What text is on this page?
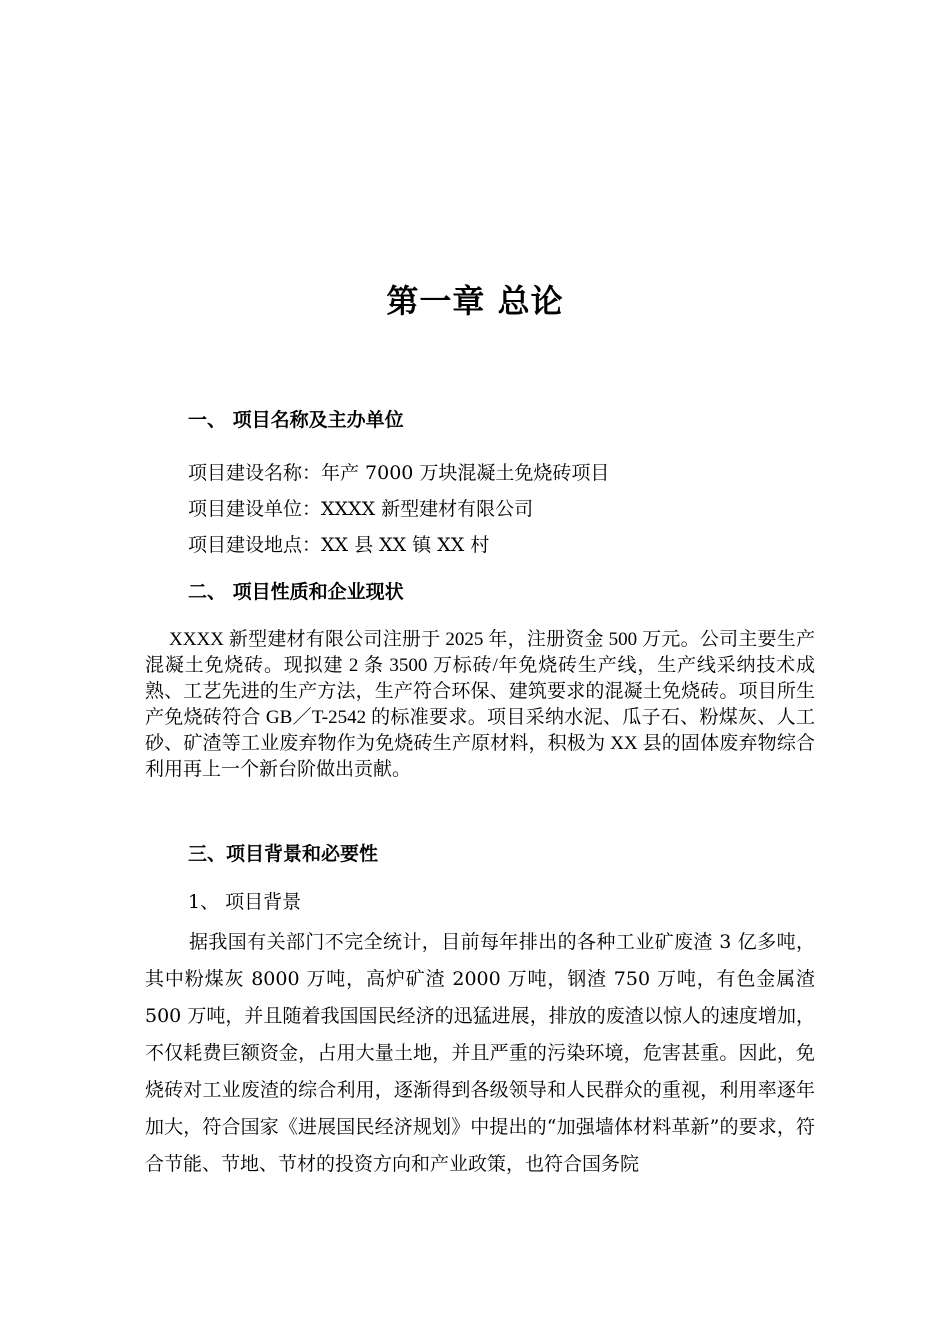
第一章 总论
一、 项目名称及主办单位
项目建设名称：年产 7000 万块混凝土免烧砖项目
项目建设单位：XXXX 新型建材有限公司
项目建设地点：XX 县 XX 镇 XX 村
二、 项目性质和企业现状
XXXX 新型建材有限公司注册于 2025 年，注册资金 500 万元。公司主要生产混凝土免烧砖。现拟建 2 条 3500 万标砖/年免烧砖生产线，生产线采纳技术成熟、工艺先进的生产方法，生产符合环保、建筑要求的混凝土免烧砖。项目所生产免烧砖符合 GB／T-2542 的标准要求。项目采纳水泥、瓜子石、粉煤灰、人工砂、矿渣等工业废弃物作为免烧砖生产原材料，积极为 XX 县的固体废弃物综合利用再上一个新台阶做出贡献。
三、项目背景和必要性
1、 项目背景
据我国有关部门不完全统计，目前每年排出的各种工业矿废渣 3 亿多吨，其中粉煤灰 8000 万吨，高炉矿渣 2000 万吨，钢渣 750 万吨，有色金属渣 500 万吨，并且随着我国国民经济的迅猛进展，排放的废渣以惊人的速度增加，不仅耗费巨额资金，占用大量土地，并且严重的污染环境，危害甚重。因此，免烧砖对工业废渣的综合利用，逐渐得到各级领导和人民群众的重视，利用率逐年加大，符合国家《进展国民经济规划》中提出的“加强墙体材料革新”的要求，符合节能、节地、节材的投资方向和产业政策，也符合国务院
